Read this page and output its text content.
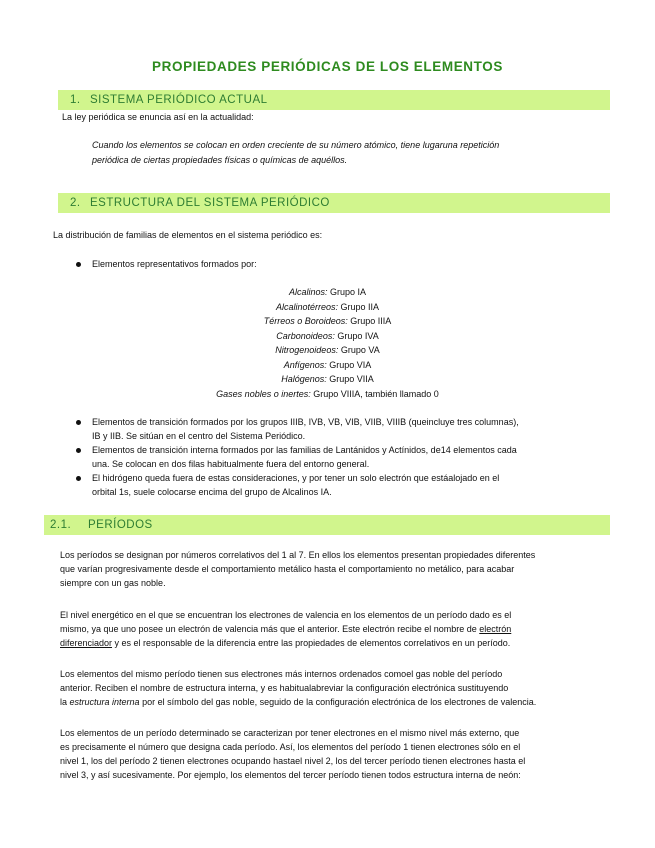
PROPIEDADES PERIÓDICAS DE LOS ELEMENTOS
1. SISTEMA PERIÓDICO ACTUAL
La ley periódica se enuncia así en la actualidad:
Cuando los elementos se colocan en orden creciente de su número atómico, tiene lugaruna repetición
periódica de ciertas propiedades físicas o químicas de aquéllos.
2. ESTRUCTURA DEL SISTEMA PERIÓDICO
La distribución de familias de elementos en el sistema periódico es:
Elementos representativos formados por:
Alcalinos: Grupo IA
Alcalinotérreos: Grupo IIA
Térreos o Boroideos: Grupo IIIA
Carbonoideos: Grupo IVA
Nitrogenoideos: Grupo VA
Anfígenos: Grupo VIA
Halógenos: Grupo VIIA
Gases nobles o inertes: Grupo VIIIA, también llamado 0
Elementos de transición formados por los grupos IIIB, IVB, VB, VIB, VIIB, VIIIB (queincluye tres columnas),
IB y IIB. Se sitúan en el centro del Sistema Periódico.
Elementos de transición interna formados por las familias de Lantánidos y Actínidos, de14 elementos cada
una. Se colocan en dos filas habitualmente fuera del entorno general.
El hidrógeno queda fuera de estas consideraciones, y por tener un solo electrón que estáalojado en el
orbital 1s, suele colocarse encima del grupo de Alcalinos IA.
2.1. PERÍODOS
Los períodos se designan por números correlativos del 1 al 7. En ellos los elementos presentan propiedades diferentes
que varían progresivamente desde el comportamiento metálico hasta el comportamiento no metálico, para acabar
siempre con un gas noble.
El nivel energético en el que se encuentran los electrones de valencia en los elementos de un período dado es el
mismo, ya que uno posee un electrón de valencia más que el anterior. Este electrón recibe el nombre de electrón
diferenciador y es el responsable de la diferencia entre las propiedades de elementos correlativos en un período.
Los elementos del mismo período tienen sus electrones más internos ordenados comoel gas noble del período
anterior. Reciben el nombre de estructura interna, y es habitualabreviar la configuración electrónica sustituyendo
la estructura interna por el símbolo del gas noble, seguido de la configuración electrónica de los electrones de valencia.
Los elementos de un período determinado se caracterizan por tener electrones en el mismo nivel más externo, que
es precisamente el número que designa cada período. Así, los elementos del período 1 tienen electrones sólo en el
nivel 1, los del período 2 tienen electrones ocupando hastael nivel 2, los del tercer período tienen electrones hasta el
nivel 3, y así sucesivamente. Por ejemplo, los elementos del tercer período tienen todos estructura interna de neón:
